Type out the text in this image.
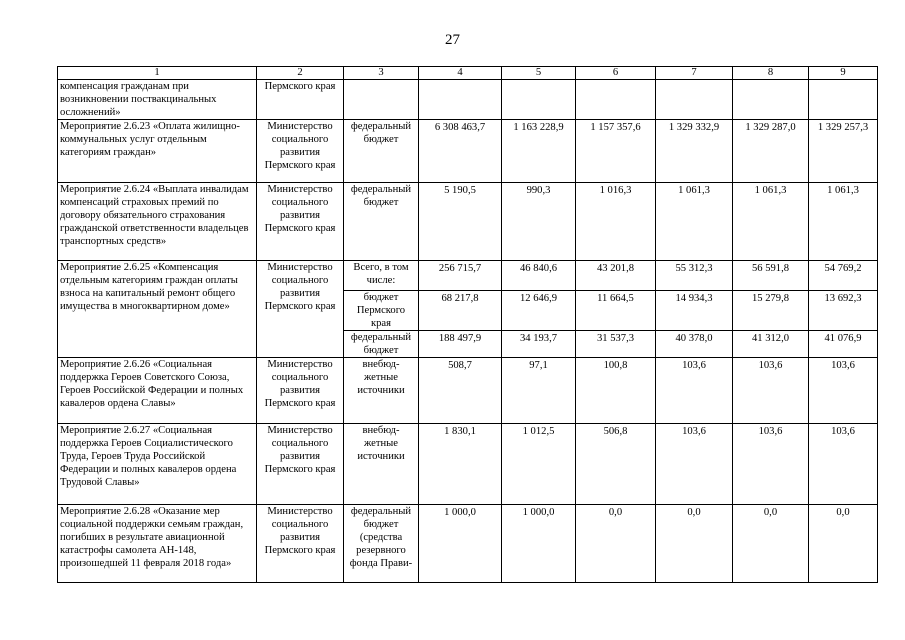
27
1	2	3	4	5	6	7	8	9
компенсация гражданам при возникновении поствакцинальных осложнений»	Пермского края							
Мероприятие 2.6.23 «Оплата жилищно-коммунальных услуг отдельным категориям граждан»	Министерство социального развития Пермского края	федеральный бюджет	6 308 463,7	1 163 228,9	1 157 357,6	1 329 332,9	1 329 287,0	1 329 257,3
Мероприятие 2.6.24 «Выплата инвалидам компенсаций страховых премий по договору обязательного страхования гражданской ответственности владельцев транспортных средств»	Министерство социального развития Пермского края	федеральный бюджет	5 190,5	990,3	1 016,3	1 061,3	1 061,3	1 061,3
Мероприятие 2.6.25 «Компенсация отдельным категориям граждан оплаты взноса на капитальный ремонт общего имущества в многоквартирном доме»	Министерство социального развития Пермского края	Всего, в том числе:	256 715,7	46 840,6	43 201,8	55 312,3	56 591,8	54 769,2
		бюджет Пермского края	68 217,8	12 646,9	11 664,5	14 934,3	15 279,8	13 692,3
		федеральный бюджет	188 497,9	34 193,7	31 537,3	40 378,0	41 312,0	41 076,9
Мероприятие 2.6.26 «Социальная поддержка Героев Советского Союза, Героев Российской Федерации и полных кавалеров ордена Славы»	Министерство социального развития Пермского края	внебюд-жетные источники	508,7	97,1	100,8	103,6	103,6	103,6
Мероприятие 2.6.27 «Социальная поддержка Героев Социалистического Труда, Героев Труда Российской Федерации и полных кавалеров ордена Трудовой Славы»	Министерство социального развития Пермского края	внебюд-жетные источники	1 830,1	1 012,5	506,8	103,6	103,6	103,6
Мероприятие 2.6.28 «Оказание мер социальной поддержки семьям граждан, погибших в результате авиационной катастрофы самолета АН-148, произошедшей 11 февраля 2018 года»	Министерство социального развития Пермского края	федеральный бюджет (средства резервного фонда Прави-	1 000,0	1 000,0	0,0	0,0	0,0	0,0
